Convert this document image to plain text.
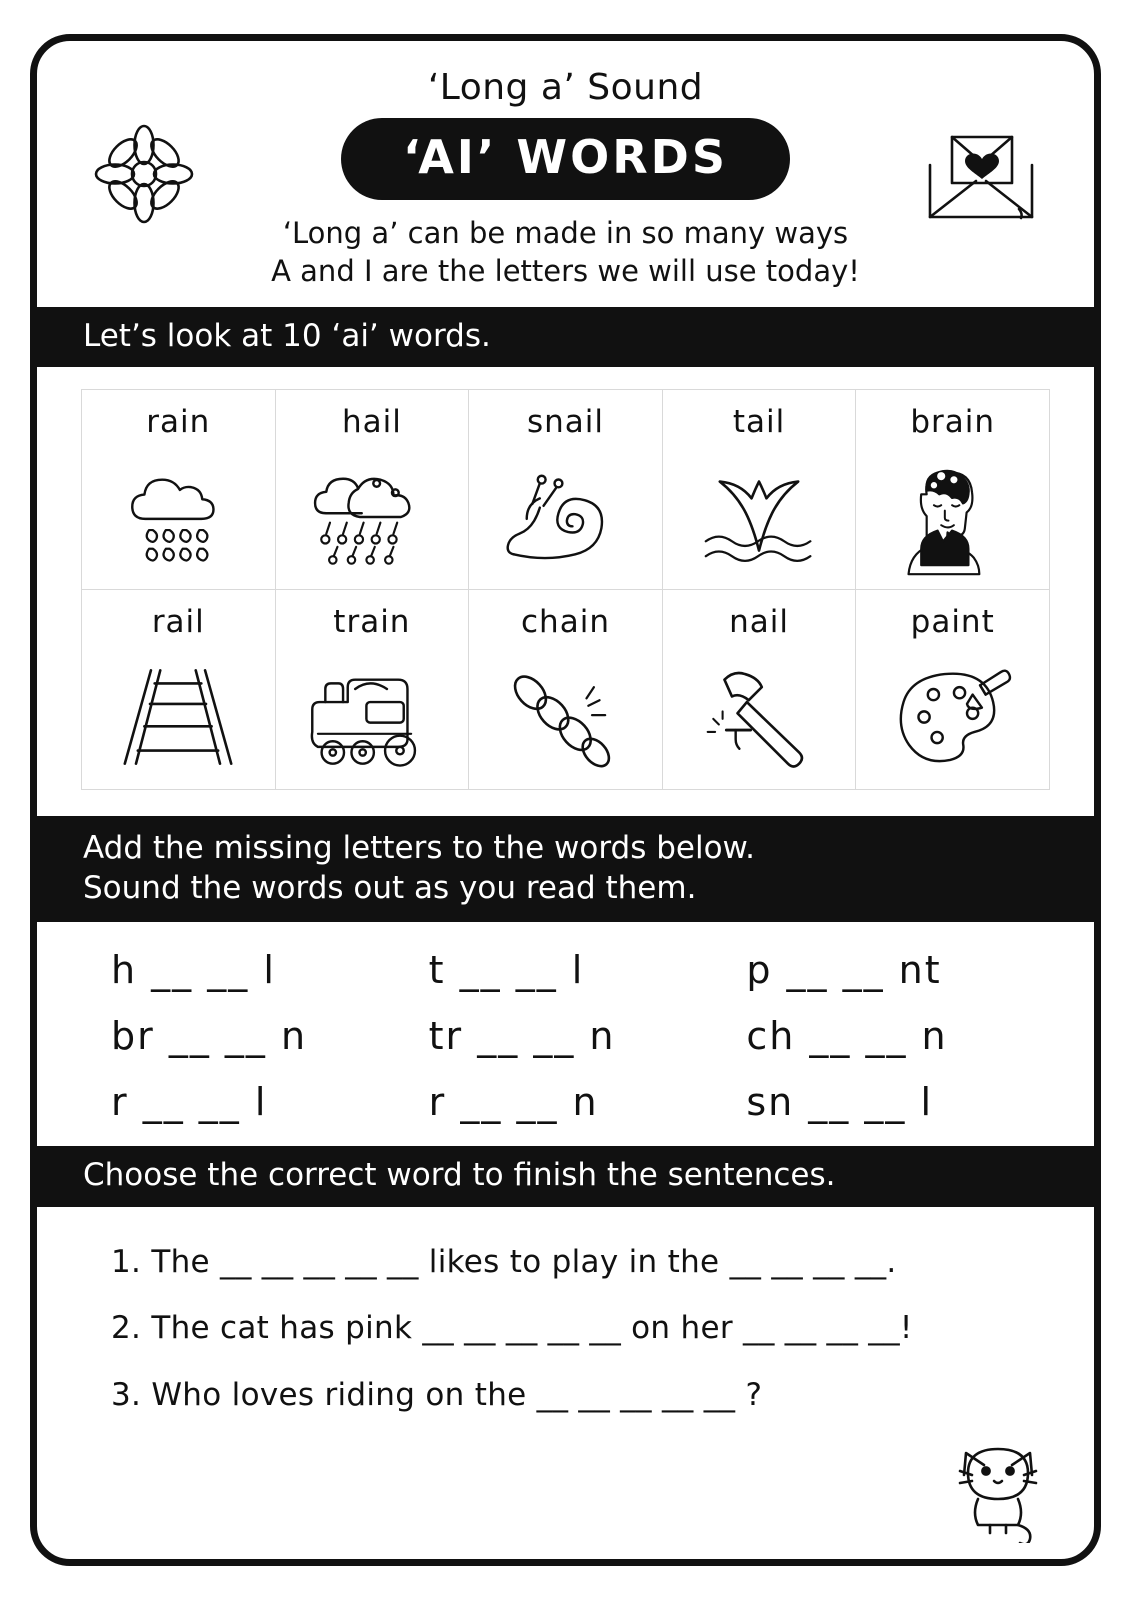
‘Long a’ Sound
‘AI’ WORDS
‘Long a’ can be made in so many ways
A and I are the letters we will use today!
Let’s look at 10 ‘ai’ words.
rain	hail	snail	tail	brain
rail	train	chain	nail	paint
Add the missing letters to the words below.
Sound the words out as you read them.
h __ __ l	t __ __ l	p __ __ nt
br __ __ n	tr __ __ n	ch __ __ n
r __ __ l	r __ __ n	sn __ __ l
Choose the correct word to finish the sentences.
1. The __ __ __ __ __ likes to play in the __ __ __ __.
2. The cat has pink __ __ __ __ __ on her __ __ __ __!
3. Who loves riding on the __ __ __ __ __ ?
